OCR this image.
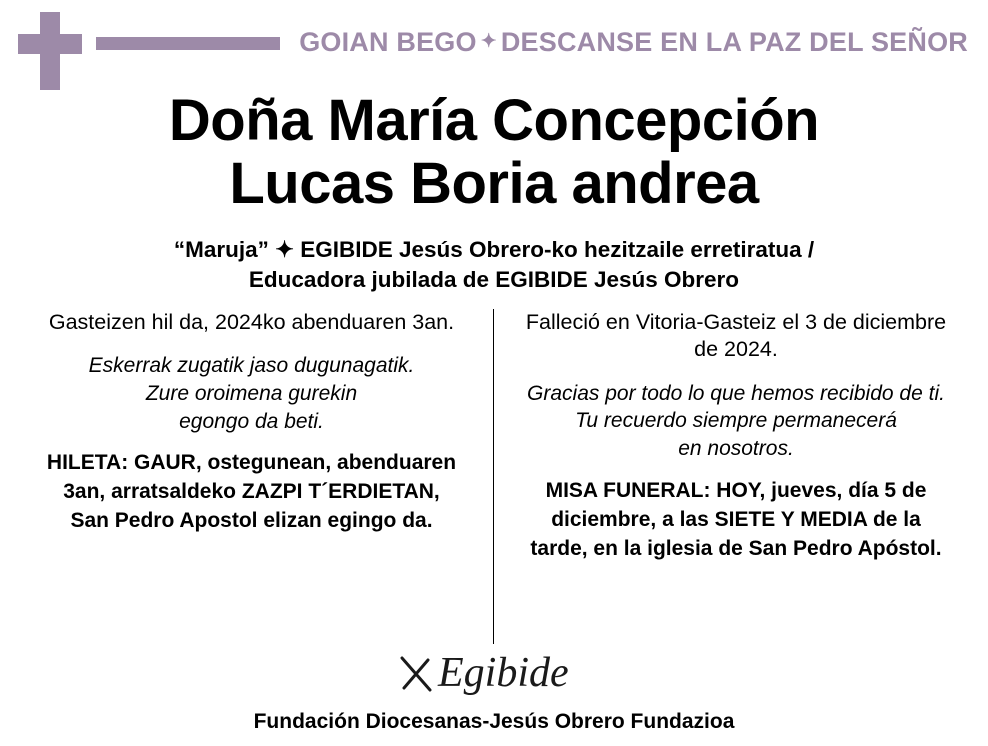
GOIAN BEGO ✦ DESCANSE EN LA PAZ DEL SEÑOR
Doña María Concepción
Lucas Boria andrea
“Maruja” ✦ EGIBIDE Jesús Obrero-ko hezitzaile erretiratua /
Educadora jubilada de EGIBIDE Jesús Obrero

Gasteizen hil da, 2024ko abenduaren 3an.

Eskerrak zugatik jaso dugunagatik.
Zure oroimena gurekin
egongo da beti.

HILETA: GAUR, ostegunean, abenduaren
3an, arratsaldeko ZAZPI T´ERDIETAN,
San Pedro Apostol elizan egingo da.

Falleció en Vitoria-Gasteiz el 3 de diciembre
de 2024.

Gracias por todo lo que hemos recibido de ti.
Tu recuerdo siempre permanecerá
en nosotros.

MISA FUNERAL: HOY, jueves, día 5 de
diciembre, a las SIETE Y MEDIA de la
tarde, en la iglesia de San Pedro Apóstol.

Egibide
Fundación Diocesanas-Jesús Obrero Fundazioa
